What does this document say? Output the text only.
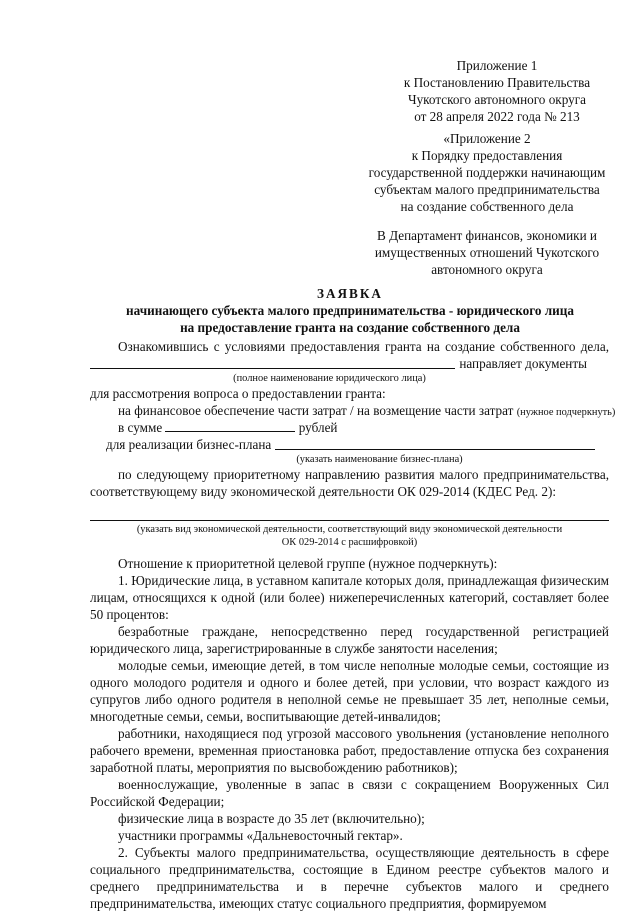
Приложение 1

к Постановлению Правительства

Чукотского автономного округа

от 28 апреля 2022 года № 213

«Приложение 2

к Порядку предоставления

государственной поддержки начинающим

субъектам малого предпринимательства

на создание собственного дела

В Департамент финансов, экономики и

имущественных отношений Чукотского

автономного округа

ЗАЯВКА

начинающего субъекта малого предпринимательства - юридического лица

на предоставление гранта на создание собственного дела

Ознакомившись с условиями предоставления гранта на создание собственного дела,

направляет документы

(полное наименование юридического лица)

для рассмотрения вопроса о предоставлении гранта:

на финансовое обеспечение части затрат / на возмещение части затрат (нужное подчеркнуть)

в сумме	рублей

для реализации бизнес-плана

(указать наименование бизнес-плана)

по следующему приоритетному направлению развития малого предпринимательства,

соответствующему виду экономической деятельности ОК 029-2014 (КДЕС Ред. 2):

(указать вид экономической деятельности, соответствующий виду экономической деятельности

ОК 029-2014 с расшифровкой)

Отношение к приоритетной целевой группе (нужное подчеркнуть):

1. Юридические лица, в уставном капитале которых доля, принадлежащая физическим лицам, относящихся к одной (или более) нижеперечисленных категорий, составляет более 50 процентов:

безработные граждане, непосредственно перед государственной регистрацией юридического лица, зарегистрированные в службе занятости населения;

молодые семьи, имеющие детей, в том числе неполные молодые семьи, состоящие из одного молодого родителя и одного и более детей, при условии, что возраст каждого из супругов либо одного родителя в неполной семье не превышает 35 лет, неполные семьи, многодетные семьи, семьи, воспитывающие детей-инвалидов;

работники, находящиеся под угрозой массового увольнения (установление неполного рабочего времени, временная приостановка работ, предоставление отпуска без сохранения заработной платы, мероприятия по высвобождению работников);

военнослужащие, уволенные в запас в связи с сокращением Вооруженных Сил Российской Федерации;

физические лица в возрасте до 35 лет (включительно);

участники программы «Дальневосточный гектар».

2. Субъекты малого предпринимательства, осуществляющие деятельность в сфере социального предпринимательства, состоящие в Едином реестре субъектов малого и среднего предпринимательства и в перечне субъектов малого и среднего предпринимательства, имеющих статус социального предприятия, формируемом
